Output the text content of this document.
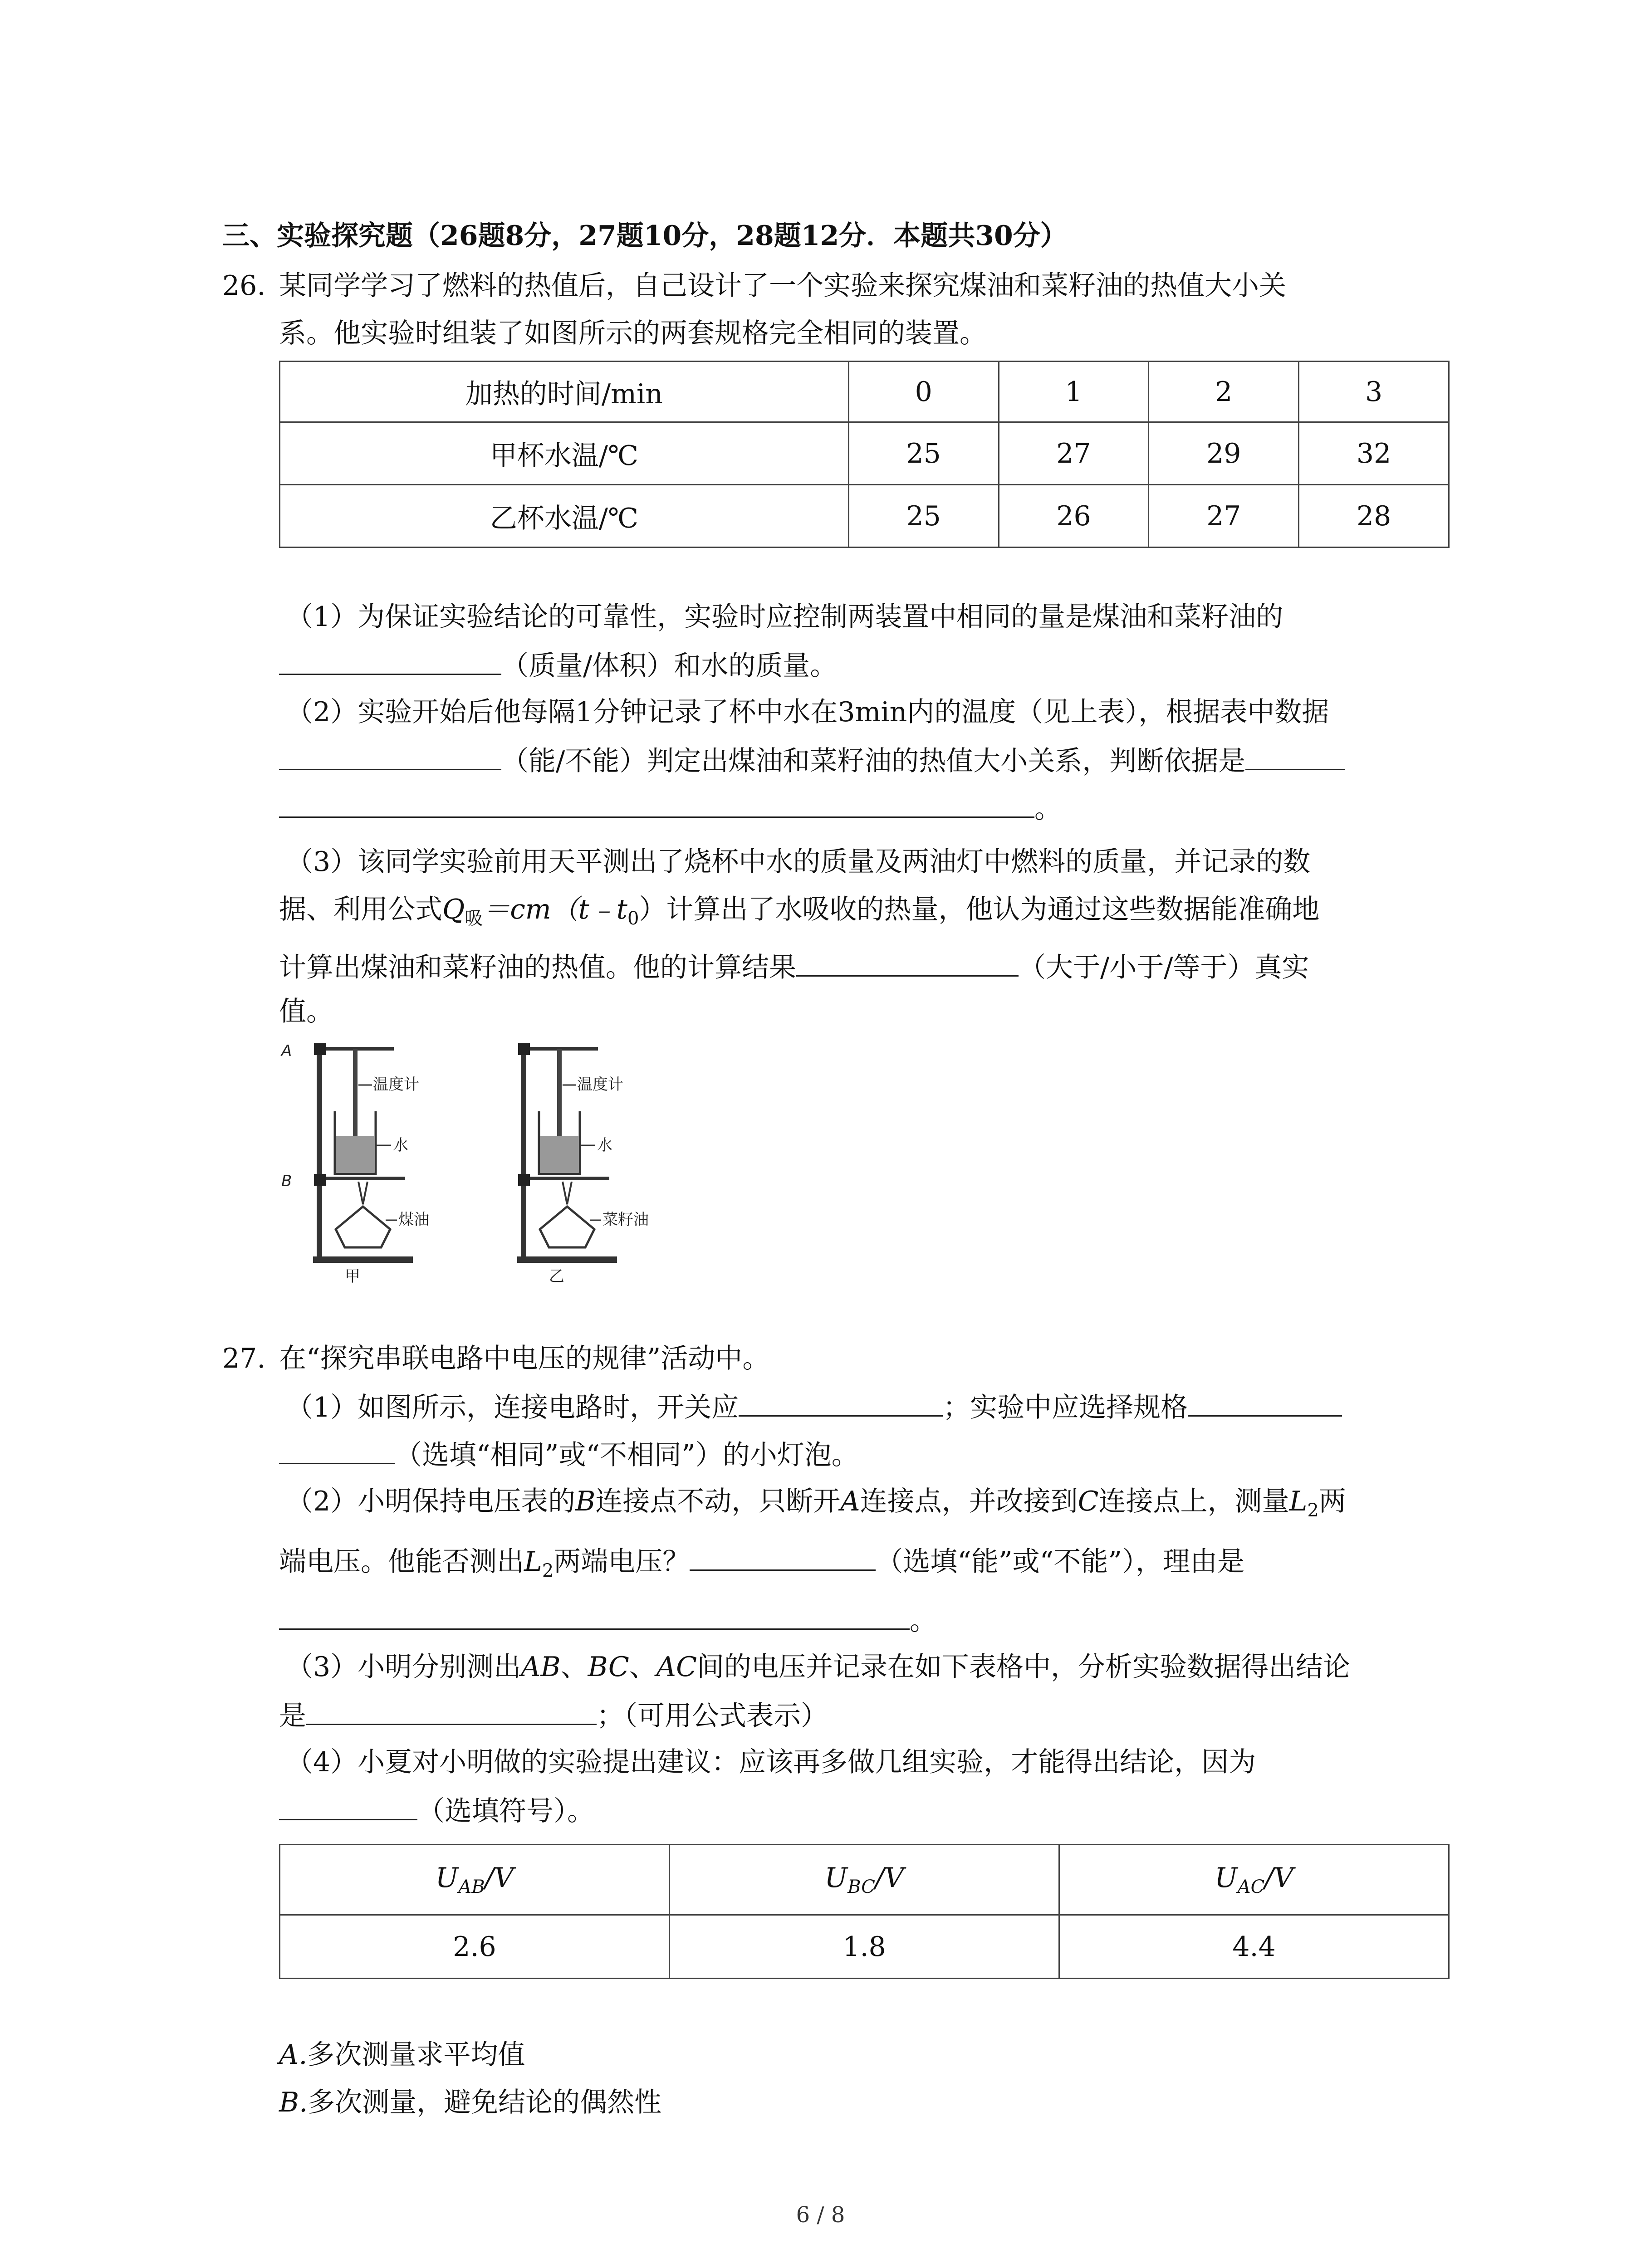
三、实验探究题（26题8分，27题10分，28题12分．本题共30分）
26. 某同学学习了燃料的热值后，自己设计了一个实验来探究煤油和菜籽油的热值大小关
系。他实验时组装了如图所示的两套规格完全相同的装置。
加热的时间/min	0	1	2	3
甲杯水温/℃	25	27	29	32
乙杯水温/℃	25	26	27	28
（1）为保证实验结论的可靠性，实验时应控制两装置中相同的量是煤油和菜籽油的
（质量/体积）和水的质量。
（2）实验开始后他每隔1分钟记录了杯中水在3min内的温度（见上表），根据表中数据
（能/不能）判定出煤油和菜籽油的热值大小关系，判断依据是
。
（3）该同学实验前用天平测出了烧杯中水的质量及两油灯中燃料的质量，并记录的数
据、利用公式$Q_吸=cm(t﹣t_0)$计算出了水吸收的热量，他认为通过这些数据能准确地
计算出煤油和菜籽油的热值。他的计算结果	（大于/小于/等于）真实
值。
A
B
温度计
水
煤油
甲
温度计
水
菜籽油
乙
27. 在“探究串联电路中电压的规律”活动中。
（1）如图所示，连接电路时，开关应	；实验中应选择规格
（选填“相同”或“不相同”）的小灯泡。
（2）小明保持电压表的B连接点不动，只断开A连接点，并改接到C连接点上，测量$L_2$两
端电压。他能否测出$L_2$两端电压？	（选填“能”或“不能”），理由是
。
（3）小明分别测出AB、BC、AC间的电压并记录在如下表格中，分析实验数据得出结论
是	；（可用公式表示）
（4）小夏对小明做的实验提出建议：应该再多做几组实验，才能得出结论，因为
（选填符号）。
$U_{AB}/V$	$U_{BC}/V$	$U_{AC}/V$
2.6	1.8	4.4
A.多次测量求平均值
B.多次测量，避免结论的偶然性
6 / 8
